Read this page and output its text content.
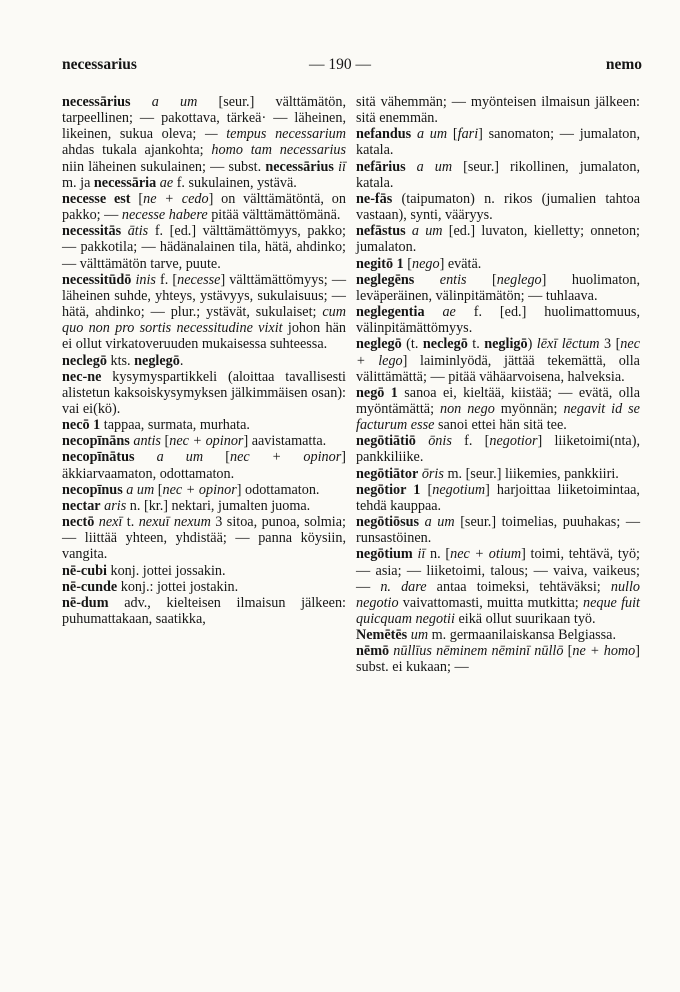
necessarius	— 190 —	nemo

necessārius a um [seur.] välttämätön, tarpeellinen; — pakottava, tärkeä· — läheinen, likeinen, sukua oleva; — tempus necessarium ahdas tukala ajankohta; homo tam necessarius niin läheinen sukulainen; — subst. necessārius iī m. ja necessāria ae f. sukulainen, ystävä.

necesse est [ne + cedo] on välttämätöntä, on pakko; — necesse habere pitää välttämättömänä.

necessitās ātis f. [ed.] välttämättömyys, pakko; — pakkotila; — hädänalainen tila, hätä, ahdinko; — välttämätön tarve, puute.

necessitūdō inis f. [necesse] välttämättömyys; — läheinen suhde, yhteys, ystävyys, sukulaisuus; — hätä, ahdinko; — plur.; ystävät, sukulaiset; cum quo non pro sortis necessitudine vixit johon hän ei ollut virkatoveruuden mukaisessa suhteessa.

neclegō kts. neglegō.

nec-ne kysymyspartikkeli (aloittaa tavallisesti alistetun kaksoiskysymyksen jälkimmäisen osan): vai ei(kö).

necō 1 tappaa, surmata, murhata.

necopīnāns antis [nec + opinor] aavistamatta.

necopīnātus a um [nec + opinor] äkkiarvaamaton, odottamaton.

necopīnus a um [nec + opinor] odottamaton.

nectar aris n. [kr.] nektari, jumalten juoma.

nectō nexī t. nexuī nexum 3 sitoa, punoa, solmia; — liittää yhteen, yhdistää; — panna köysiin, vangita.

nē-cubi konj. jottei jossakin.

nē-cunde konj.: jottei jostakin.

nē-dum adv., kielteisen ilmaisun jälkeen: puhumattakaan, saatikka,

sitä vähemmän; — myönteisen ilmaisun jälkeen: sitä enemmän.

nefandus a um [fari] sanomaton; — jumalaton, katala.

nefārius a um [seur.] rikollinen, jumalaton, katala.

ne-fās (taipumaton) n. rikos (jumalien tahtoa vastaan), synti, vääryys.

nefāstus a um [ed.] luvaton, kielletty; onneton; jumalaton.

negitō 1 [nego] evätä.

neglegēns entis [neglego] huolimaton, leväperäinen, välinpitämätön; — tuhlaava.

neglegentia ae f. [ed.] huolimattomuus, välinpitämättömyys.

neglegō (t. neclegō t. negligō) lēxī lēctum 3 [nec + lego] laiminlyödä, jättää tekemättä, olla välittämättä; — pitää vähäarvoisena, halveksia.

negō 1 sanoa ei, kieltää, kiistää; — evätä, olla myöntämättä; non nego myönnän; negavit id se facturum esse sanoi ettei hän sitä tee.

negōtiātiō ōnis f. [negotior] liiketoimi(nta), pankkiliike.

negōtiātor ōris m. [seur.] liikemies, pankkiiri.

negōtior 1 [negotium] harjoittaa liiketoimintaa, tehdä kauppaa.

negōtiōsus a um [seur.] toimelias, puuhakas; — runsastöinen.

negōtium iī n. [nec + otium] toimi, tehtävä, työ; — asia; — liiketoimi, talous; — vaiva, vaikeus; — n. dare antaa toimeksi, tehtäväksi; nullo negotio vaivattomasti, muitta mutkitta; neque fuit quicquam negotii eikä ollut suurikaan työ.

Nemētēs um m. germaanilaiskansa Belgiassa.

nēmō nūllīus nēminem nēminī nūllō [ne + homo] subst. ei kukaan; —
